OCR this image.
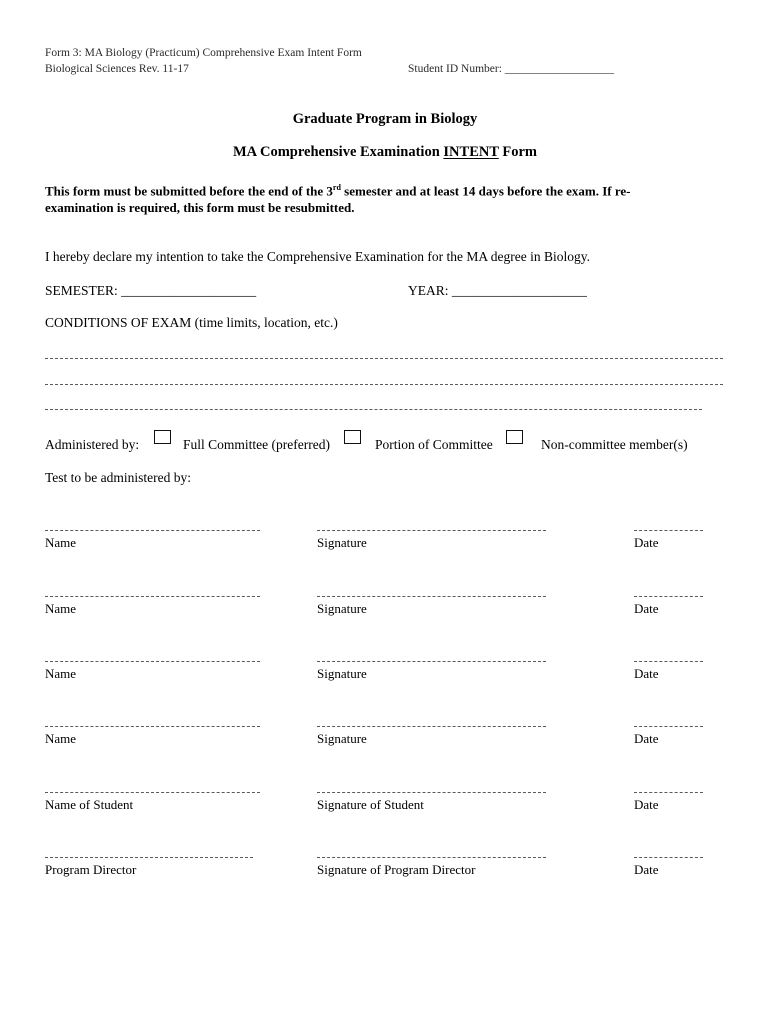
Form 3: MA Biology (Practicum) Comprehensive Exam Intent Form
Biological Sciences Rev. 11-17	Student ID Number: ___________________
Graduate Program in Biology
MA Comprehensive Examination INTENT Form
This form must be submitted before the end of the 3rd semester and at least 14 days before the exam. If re-
examination is required, this form must be resubmitted.
I hereby declare my intention to take the Comprehensive Examination for the MA degree in Biology.
SEMESTER: ____________________	YEAR: ____________________
CONDITIONS OF EXAM (time limits, location, etc.)
Administered by:	Full Committee (preferred)	Portion of Committee	Non-committee member(s)
Test to be administered by:
Name	Signature	Date
Name	Signature	Date
Name	Signature	Date
Name	Signature	Date
Name of Student	Signature of Student	Date
Program Director	Signature of Program Director	Date
